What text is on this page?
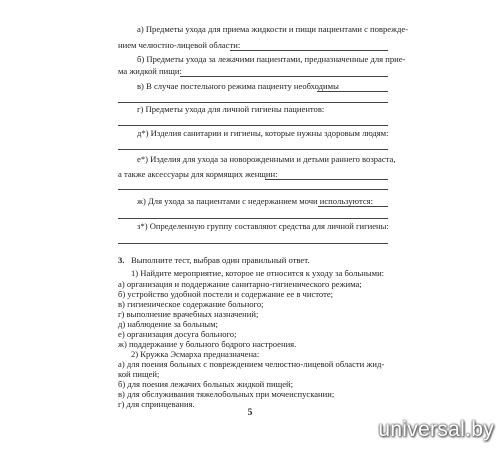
а) Предметы ухода для приема жидкости и пищи пациентами с поврежде-
нием челюстно-лицевой области:
б) Предметы ухода за лежачими пациентами, предназначенные для прие-
ма жидкой пищи:
в) В случае постельного режима пациенту необходимы
г) Предметы ухода для личной гигиены пациентов:
д*) Изделия санитарии и гигиены, которые нужны здоровым людям:
е*) Изделия для ухода за новорожденными и детьми раннего возраста,
а также аксессуары для кормящих женщин:
ж) Для ухода за пациентами с недержанием мочи используются:
з*) Определенную группу составляют средства для личной гигиены:
3. Выполните тест, выбрав один правильный ответ.
1) Найдите мероприятие, которое не относится к уходу за больными:
а) организация и поддержание санитарно-гигиенического режима;
б) устройство удобной постели и содержание ее в чистоте;
в) гигиеническое содержание больного;
г) выполнение врачебных назначений;
д) наблюдение за больным;
е) организация досуга больного;
ж) поддержание у больного бодрого настроения.
2) Кружка Эсмарха предназначена:
а) для поения больных с повреждением челюстно-лицевой области жид-
кой пищей;
б) для поения лежачих больных жидкой пищей;
в) для обслуживания тяжелобольных при мочеиспускании;
г) для спринцевания.
5
universal.by
